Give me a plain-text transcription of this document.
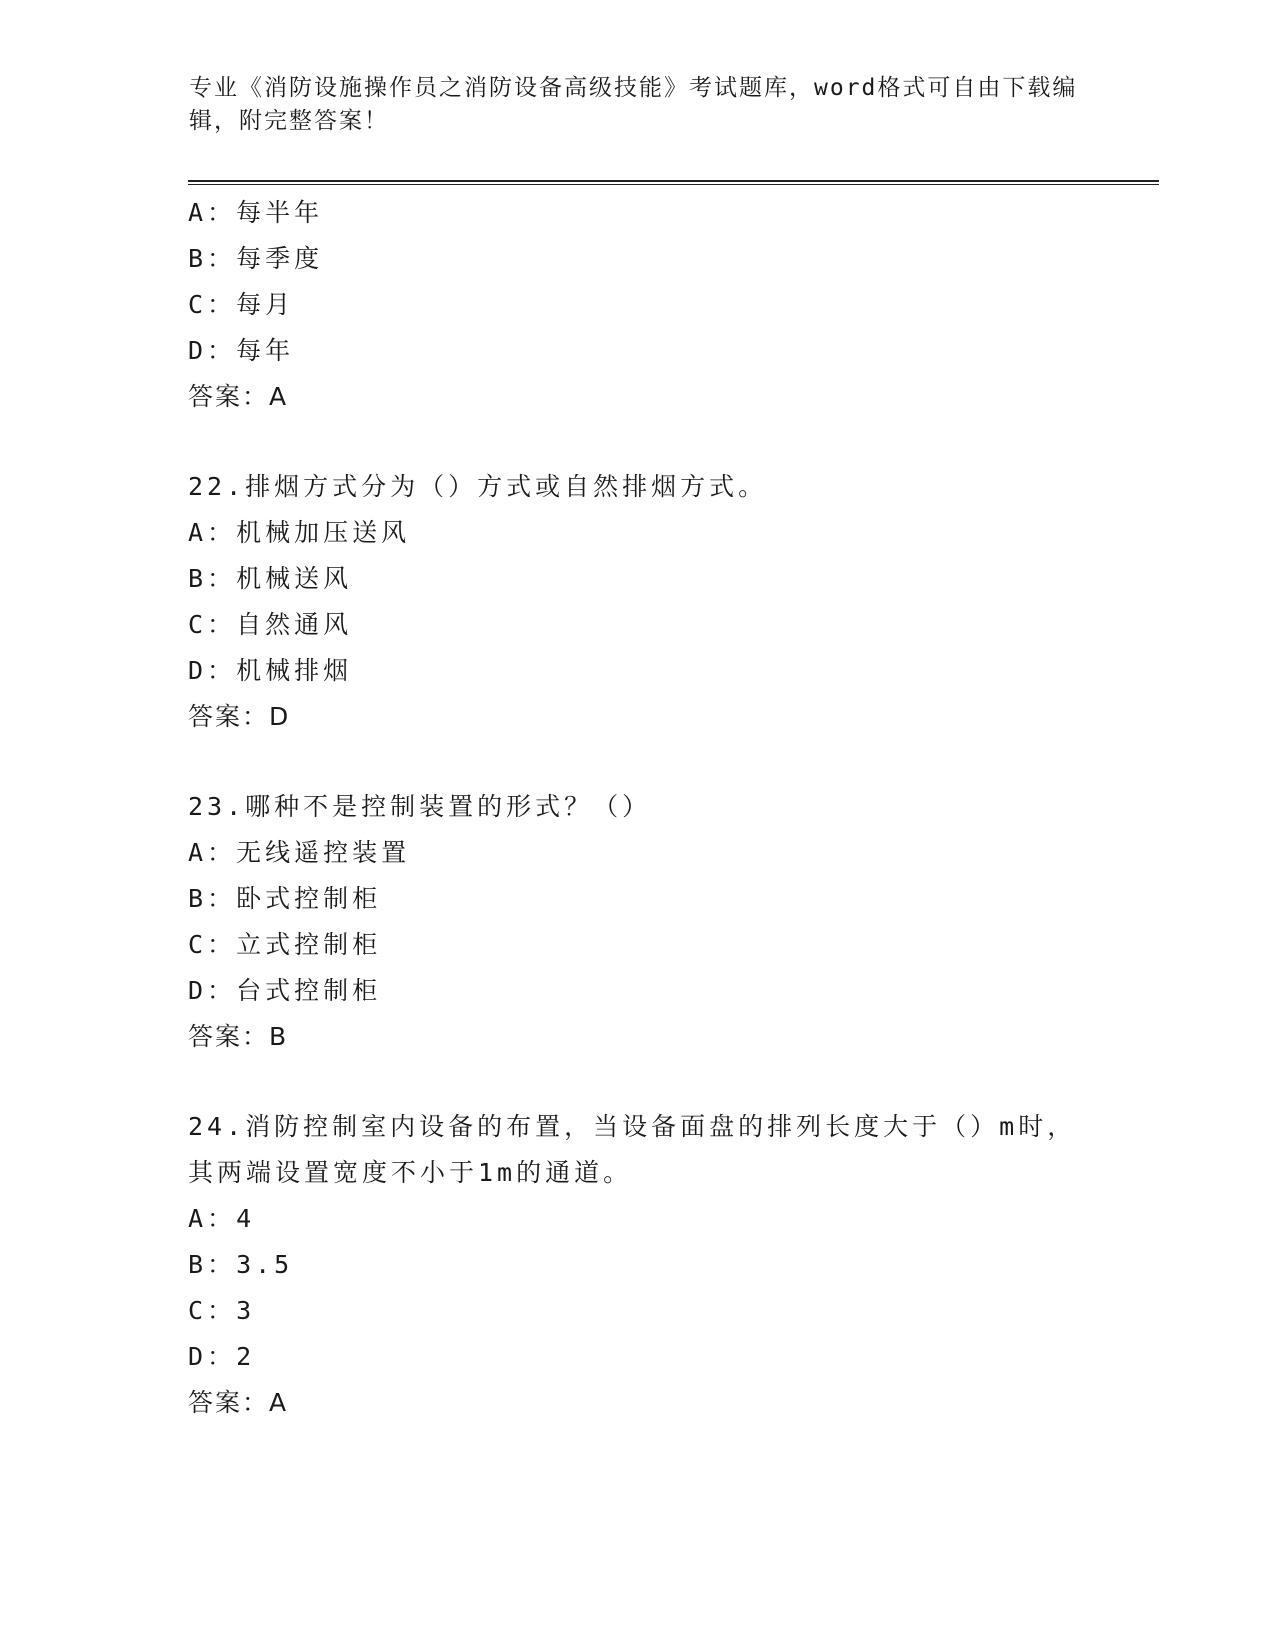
专业《消防设施操作员之消防设备高级技能》考试题库，word格式可自由下载编
辑，附完整答案！
A：每半年
B：每季度
C：每月
D：每年
答案：A
22.排烟方式分为（）方式或自然排烟方式。
A：机械加压送风
B：机械送风
C：自然通风
D：机械排烟
答案：D
23.哪种不是控制装置的形式？（）
A：无线遥控装置
B：卧式控制柜
C：立式控制柜
D：台式控制柜
答案：B
24.消防控制室内设备的布置，当设备面盘的排列长度大于（）m时，
其两端设置宽度不小于1m的通道。
A：4
B：3.5
C：3
D：2
答案：A
